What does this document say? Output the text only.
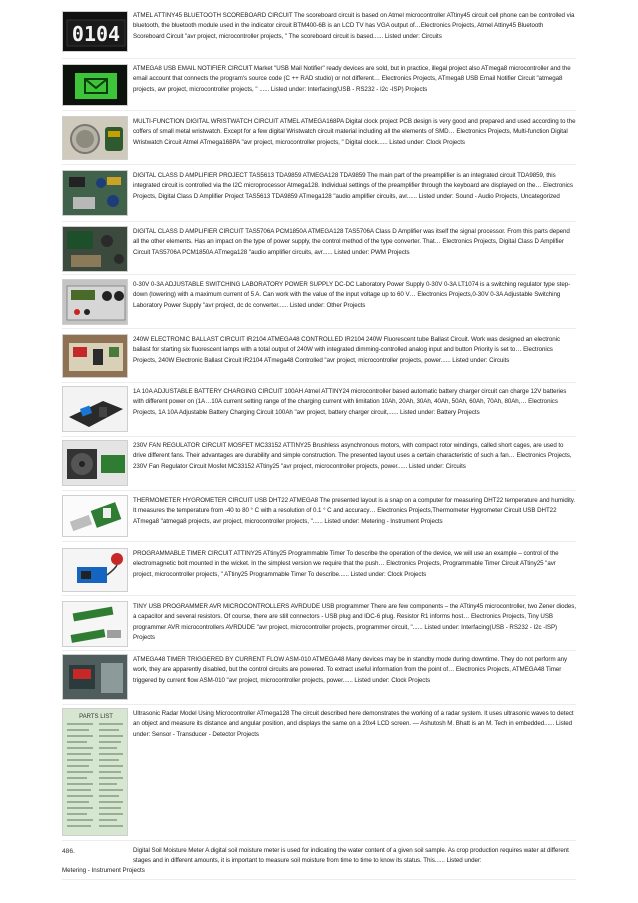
0104
ATMEL ATTINY45 BLUETOOTH SCOREBOARD CIRCUIT The scoreboard circuit is based on Atmel microcontroller ATtiny45 circuit cell phone can be controlled via bluetooth, the bluetooth module used in the indicator circuit BTM400-6B is an LCD TV has VGA output of…Electronics Projects, Atmel Attiny45 Bluetooth Scoreboard Circuit "avr project, microcontroller projects, " The scoreboard circuit is based...... Listed under: Circuits
ATMEGA8 USB EMAIL NOTIFIER CIRCUIT Market "USB Mail Notifier" ready devices are sold, but in practice, illegal project also ATmega8 microcontroller and the email account that connects the program's source code (C ++ RAD studio) or not different… Electronics Projects, ATmega8 USB Email Notifier Circuit "atmega8 projects, avr project, microcontroller projects, " ...... Listed under: Interfacing(USB - RS232 - I2c -ISP) Projects
MULTI-FUNCTION DIGITAL WRISTWATCH CIRCUIT ATMEL ATMEGA168PA Digital clock project PCB design is very good and prepared and used according to the coffers of small metal wristwatch. Except for a few digital Wristwatch circuit material including all the elements of SMD… Electronics Projects, Multi-function Digital Wristwatch Circuit Atmel ATmega168PA "avr project, microcontroller projects, " Digital clock...... Listed under: Clock Projects
DIGITAL CLASS D AMPLIFIER PROJECT TAS5613 TDA9859 ATMEGA128 TDA9859 The main part of the preamplifier is an integrated circuit TDA9859, this integrated circuit is controlled via the I2C microprocessor Atmega128. Individual settings of the preamplifier through the keyboard are displayed on the… Electronics Projects, Digital Class D Amplifier Project TAS5613 TDA9859 ATmega128 "audio amplifier circuits, avr...... Listed under: Sound - Audio Projects, Uncategorized
DIGITAL CLASS D AMPLIFIER CIRCUIT TAS5706A PCM1850A ATMEGA128 TAS5706A Class D Amplifier was itself the signal processor. From this parts depend all the other elements. Has an impact on the type of power supply, the control method of the type converter. That… Electronics Projects, Digital Class D Amplifier Circuit TAS5706A PCM1850A ATmega128 "audio amplifier circuits, avr...... Listed under: PWM Projects
0-30V 0-3A ADJUSTABLE SWITCHING LABORATORY POWER SUPPLY DC-DC Laboratory Power Supply 0-30V 0-3A LT1074 is a switching regulator type step-down (lowering) with a maximum current of 5 A. Can work with the value of the input voltage up to 60 V… Electronics Projects,0-30V 0-3A Adjustable Switching Laboratory Power Supply "avr project, dc dc converter...... Listed under: Other Projects
240W ELECTRONIC BALLAST CIRCUIT IR2104 ATMEGA48 CONTROLLED IR2104 240W Fluorescent tube Ballast Circuit. Work was designed an electronic ballast for starting six fluorescent lamps with a total output of 240W with integrated dimming-controlled analog input and button Priority is set to… Electronics Projects, 240W Electronic Ballast Circuit IR2104 ATmega48 Controlled "avr project, microcontroller projects, power...... Listed under: Circuits
1A 10A ADJUSTABLE BATTERY CHARGING CIRCUIT 100AH Atmel ATTINY24 microcontroller based automatic battery charger circuit can charge 12V batteries with different power on (1A…10A current setting range of the charging current with limitation 10Ah, 20Ah, 30Ah, 40Ah, 50Ah, 60Ah, 70Ah, 80Ah,… Electronics Projects, 1A 10A Adjustable Battery Charging Circuit 100Ah "avr project, battery charger circuit,...... Listed under: Battery Projects
230V FAN REGULATOR CIRCUIT MOSFET MC33152 ATTINY25 Brushless asynchronous motors, with compact rotor windings, called short cages, are used to drive different fans. Their advantages are durability and simple construction. The presented layout uses a certain characteristic of such a fan… Electronics Projects, 230V Fan Regulator Circuit Mosfet MC33152 ATtiny25 "avr project, microcontroller projects, power...... Listed under: Circuits
THERMOMETER HYGROMETER CIRCUIT USB DHT22 ATMEGA8 The presented layout is a snap on a computer for measuring DHT22 temperature and humidity. It measures the temperature from -40 to 80 ° C with a resolution of 0.1 ° C and accuracy… Electronics Projects,Thermometer Hygrometer Circuit USB DHT22 ATmega8 "atmega8 projects, avr project, microcontroller projects, "...... Listed under: Metering - Instrument Projects
PROGRAMMABLE TIMER CIRCUIT ATTINY25 ATtiny25 Programmable Timer To describe the operation of the device, we will use an example – control of the electromagnetic bolt mounted in the wicket. In the simplest version we require that the push… Electronics Projects, Programmable Timer Circuit ATtiny25 "avr project, microcontroller projects, " ATtiny25 Programmable Timer To describe...... Listed under: Clock Projects
TINY USB PROGRAMMER AVR MICROCONTROLLERS AVRDUDE USB programmer There are few components – the ATtiny45 microcontroller, two Zener diodes, a capacitor and several resistors. Of course, there are still connectors - USB plug and IDC-6 plug. Resistor R1 informs host… Electronics Projects, Tiny USB programmer AVR microcontrollers AVRDUDE "avr project, microcontroller projects, programmer circuit, "...... Listed under: Interfacing(USB - RS232 - I2c -ISP) Projects
ATMEGA48 TIMER TRIGGERED BY CURRENT FLOW ASM-010 ATMEGA48 Many devices may be in standby mode during downtime. They do not perform any work, they are apparently disabled, but the control circuits are powered. To extract useful information from the point of… Electronics Projects, ATMEGA48 Timer triggered by current flow ASM-010 "avr project, microcontroller projects, power...... Listed under: Clock Projects
PARTS LIST	Ultrasonic Radar Model Using Microcontroller ATmega128 The circuit described here demonstrates the working of a radar system. It uses ultrasonic waves to detect an object and measure its distance and angular position, and displays the same on a 20x4 LCD screen. — Ashutosh M. Bhatt is an M. Tech in embedded...... Listed under: Sensor - Transducer - Detector Projects
486.	Digital Soil Moisture Meter A digital soil moisture meter is used for indicating the water content of a given soil sample. As crop production requires water at different stages and in different amounts, it is important to measure soil moisture from time to time to know its status. This...... Listed under:
Metering - Instrument Projects
